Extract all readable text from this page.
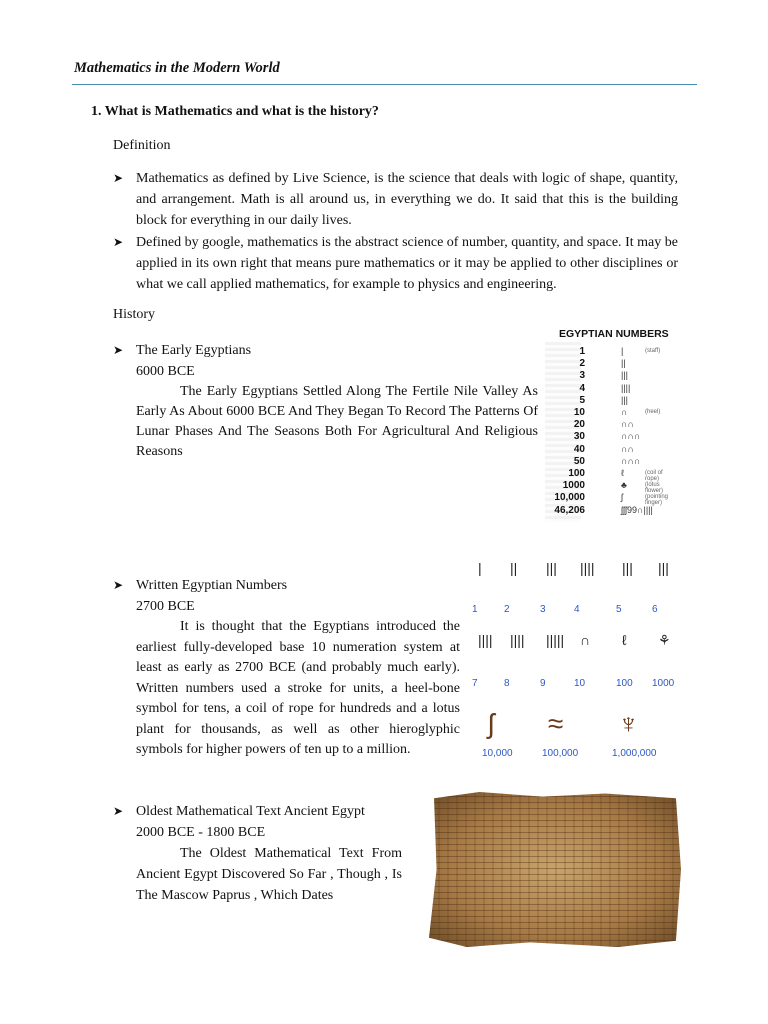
Mathematics in the Modern World
1. What is Mathematics and what is the history?
Definition
➤ Mathematics as defined by Live Science, is the science that deals with logic of shape, quantity, and arrangement. Math is all around us, in everything we do. It said that this is the building block for everything in our daily lives.
➤ Defined by google, mathematics is the abstract science of number, quantity, and space. It may be applied in its own right that means pure mathematics or it may be applied to other disciplines or what we call applied mathematics, for example to physics and engineering.
History
➤ The Early Egyptians
6000 BCE
The Early Egyptians Settled Along The Fertile Nile Valley As Early As About 6000 BCE And They Began To Record The Patterns Of Lunar Phases And The Seasons Both For Agricultural And Religious Reasons
➤ Written Egyptian Numbers
2700 BCE
It is thought that the Egyptians introduced the earliest fully-developed base 10 numeration system at least as early as 2700 BCE (and probably much early). Written numbers used a stroke for units, a heel-bone symbol for tens, a coil of rope for hundreds and a lotus plant for thousands, as well as other hieroglyphic symbols for higher powers of ten up to a million.
➤ Oldest Mathematical Text Ancient Egypt
2000 BCE - 1800 BCE
The Oldest Mathematical Text From Ancient Egypt Discovered So Far , Though , Is The Mascow Paprus , Which Dates
EGYPTIAN NUMBERS
1	|	(staff)
2	||
3	|||
4	||||
5	|||
10	∩	(heel)
20	∩∩
30	∩∩∩
40	∩∩
50	∩∩∩
100	ℓ	(coil of rope)
1000	♣	(lotus flower)
10,000	ʃ	(pointing finger)
46,206	ʃʃʃ99∩||||
|
1
||
2
|||
3
||||
4
|||
5
|||
6
||||
7
||||
8
|||||
9
∩
10
ℓ
100
⚘
1000
ʃ
10,000
≈
100,000
♆
1,000,000
